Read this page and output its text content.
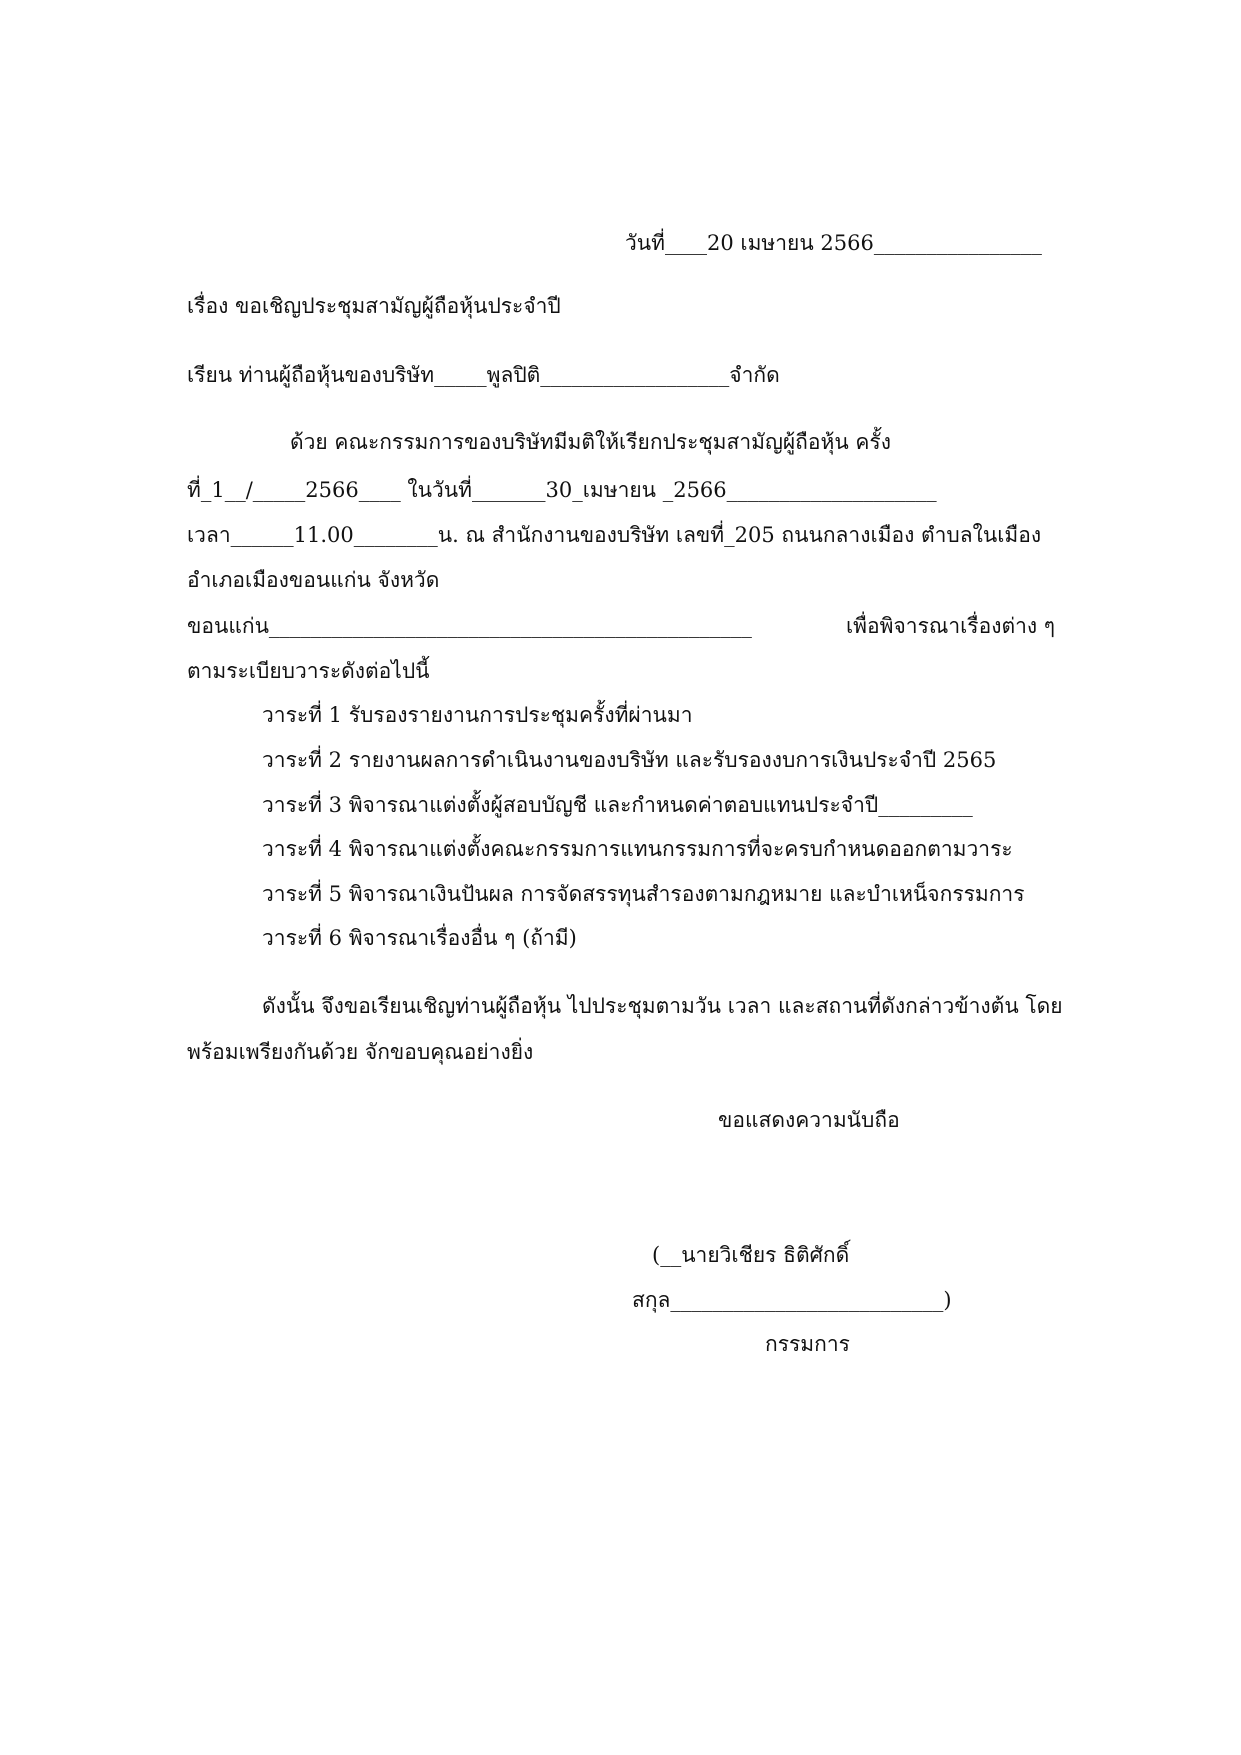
วันที่____20 เมษายน 2566________________
เรื่อง ขอเชิญประชุมสามัญผู้ถือหุ้นประจำปี
เรียน ท่านผู้ถือหุ้นของบริษัท_____พูลปิติ__________________จำกัด
ด้วย คณะกรรมการของบริษัทมีมติให้เรียกประชุมสามัญผู้ถือหุ้น ครั้ง
ที่_1__/_____2566____ ในวันที่_______30_เมษายน _2566____________________
เวลา______11.00________น. ณ สำนักงานของบริษัท เลขที่_205 ถนนกลางเมือง ตำบลในเมือง
อำเภอเมืองขอนแก่น จังหวัด
ขอนแก่น______________________________________________	เพื่อพิจารณาเรื่องต่าง ๆ
ตามระเบียบวาระดังต่อไปนี้
วาระที่ 1 รับรองรายงานการประชุมครั้งที่ผ่านมา
วาระที่ 2 รายงานผลการดำเนินงานของบริษัท และรับรองงบการเงินประจำปี 2565
วาระที่ 3 พิจารณาแต่งตั้งผู้สอบบัญชี และกำหนดค่าตอบแทนประจำปี_________
วาระที่ 4 พิจารณาแต่งตั้งคณะกรรมการแทนกรรมการที่จะครบกำหนดออกตามวาระ
วาระที่ 5 พิจารณาเงินปันผล การจัดสรรทุนสำรองตามกฎหมาย และบำเหน็จกรรมการ
วาระที่ 6 พิจารณาเรื่องอื่น ๆ (ถ้ามี)
ดังนั้น จึงขอเรียนเชิญท่านผู้ถือหุ้น ไปประชุมตามวัน เวลา และสถานที่ดังกล่าวข้างต้น โดย
พร้อมเพรียงกันด้วย จักขอบคุณอย่างยิ่ง
ขอแสดงความนับถือ
(__นายวิเชียร ธิติศักดิ์
สกุล__________________________)
กรรมการ
